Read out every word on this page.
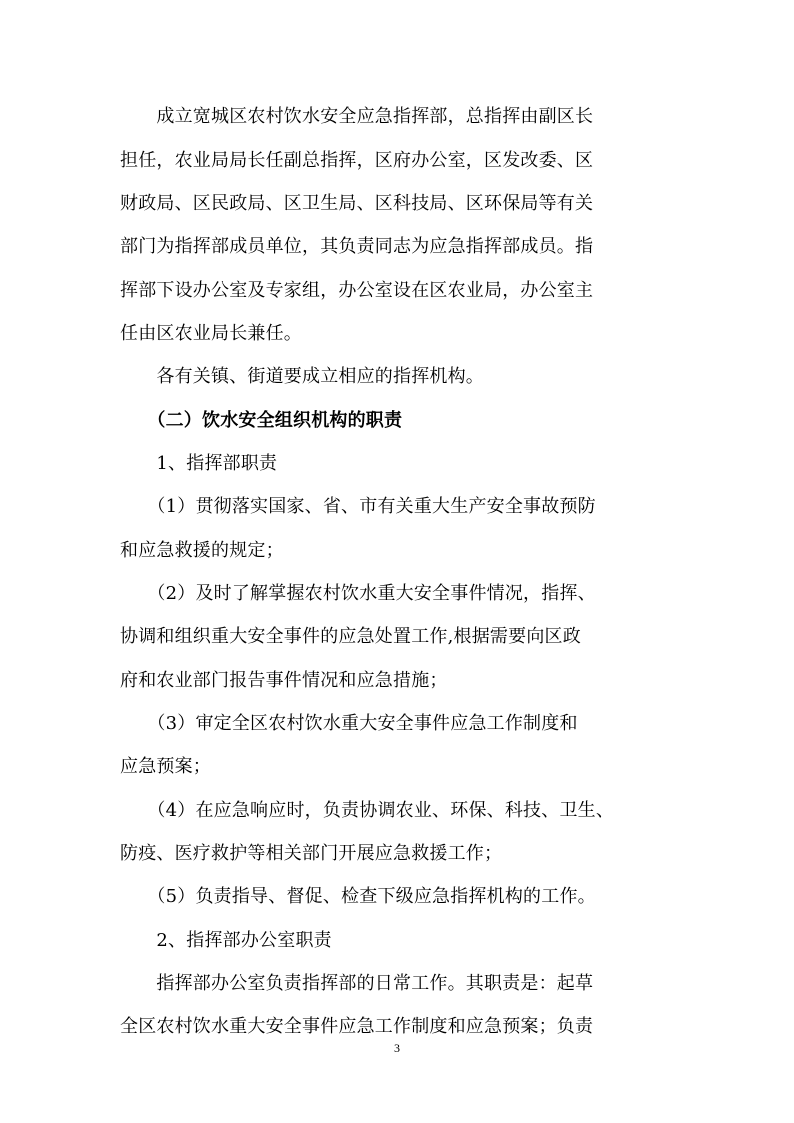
　　成立宽城区农村饮水安全应急指挥部，总指挥由副区长
担任，农业局局长任副总指挥，区府办公室，区发改委、区
财政局、区民政局、区卫生局、区科技局、区环保局等有关
部门为指挥部成员单位，其负责同志为应急指挥部成员。指
挥部下设办公室及专家组，办公室设在区农业局，办公室主
任由区农业局长兼任。
　　各有关镇、街道要成立相应的指挥机构。
　　（二）饮水安全组织机构的职责
　　1、指挥部职责
　　（1）贯彻落实国家、省、市有关重大生产安全事故预防
和应急救援的规定；
　　（2）及时了解掌握农村饮水重大安全事件情况，指挥、
协调和组织重大安全事件的应急处置工作,根据需要向区政
府和农业部门报告事件情况和应急措施；
　　（3）审定全区农村饮水重大安全事件应急工作制度和
应急预案；
　　（4）在应急响应时，负责协调农业、环保、科技、卫生、
防疫、医疗救护等相关部门开展应急救援工作；
　　（5）负责指导、督促、检查下级应急指挥机构的工作。
　　2、指挥部办公室职责
　　指挥部办公室负责指挥部的日常工作。其职责是：起草
全区农村饮水重大安全事件应急工作制度和应急预案；负责
3
